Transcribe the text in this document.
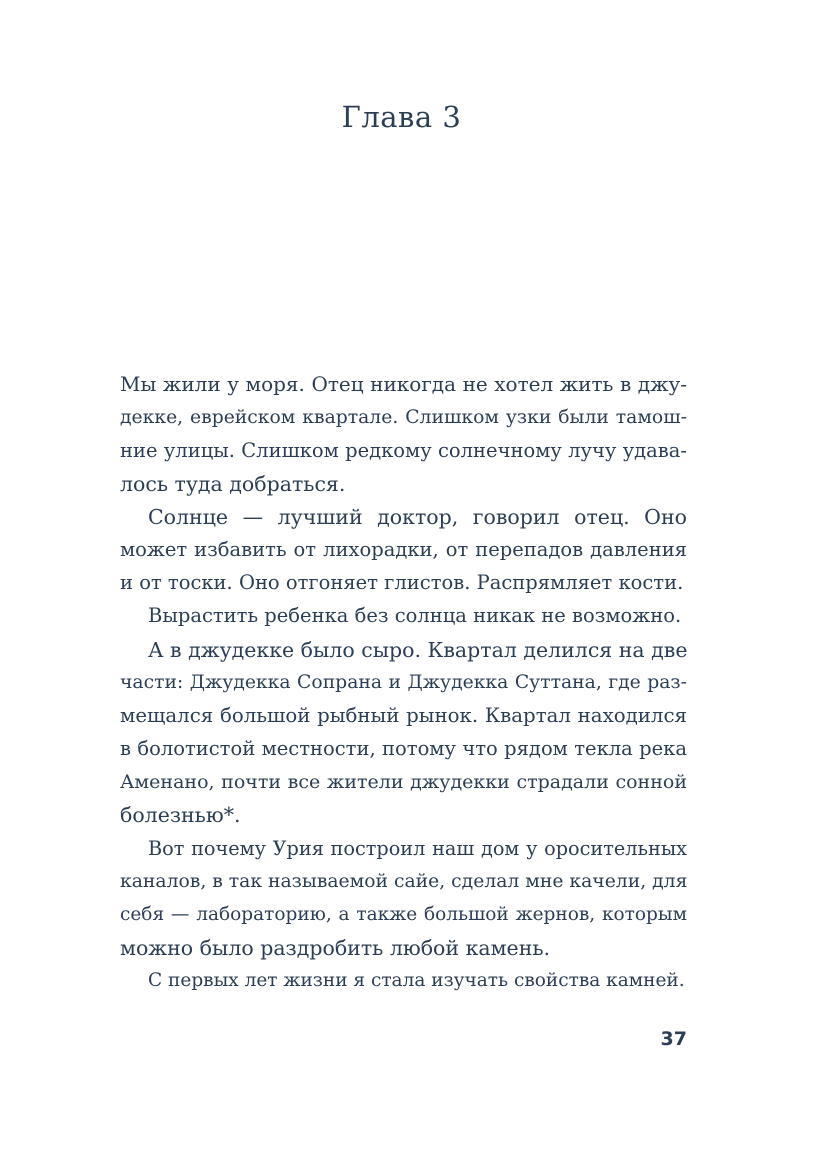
Глава 3
Мы жили у моря. Отец никогда не хотел жить в джу-
декке, еврейском квартале. Слишком узки были тамош-
ние улицы. Слишком редкому солнечному лучу удава-
лось туда добраться.
Солнце — лучший доктор, говорил отец. Оно
может избавить от лихорадки, от перепадов давления
и от тоски. Оно отгоняет глистов. Распрямляет кости.
Вырастить ребенка без солнца никак не возможно.
А в джудекке было сыро. Квартал делился на две
части: Джудекка Сопрана и Джудекка Суттана, где раз-
мещался большой рыбный рынок. Квартал находился
в болотистой местности, потому что рядом текла река
Аменано, почти все жители джудекки страдали сонной
болезнью*.
Вот почему Урия построил наш дом у оросительных
каналов, в так называемой сайе, сделал мне качели, для
себя — лабораторию, а также большой жернов, которым
можно было раздробить любой камень.
С первых лет жизни я стала изучать свойства камней.
37
